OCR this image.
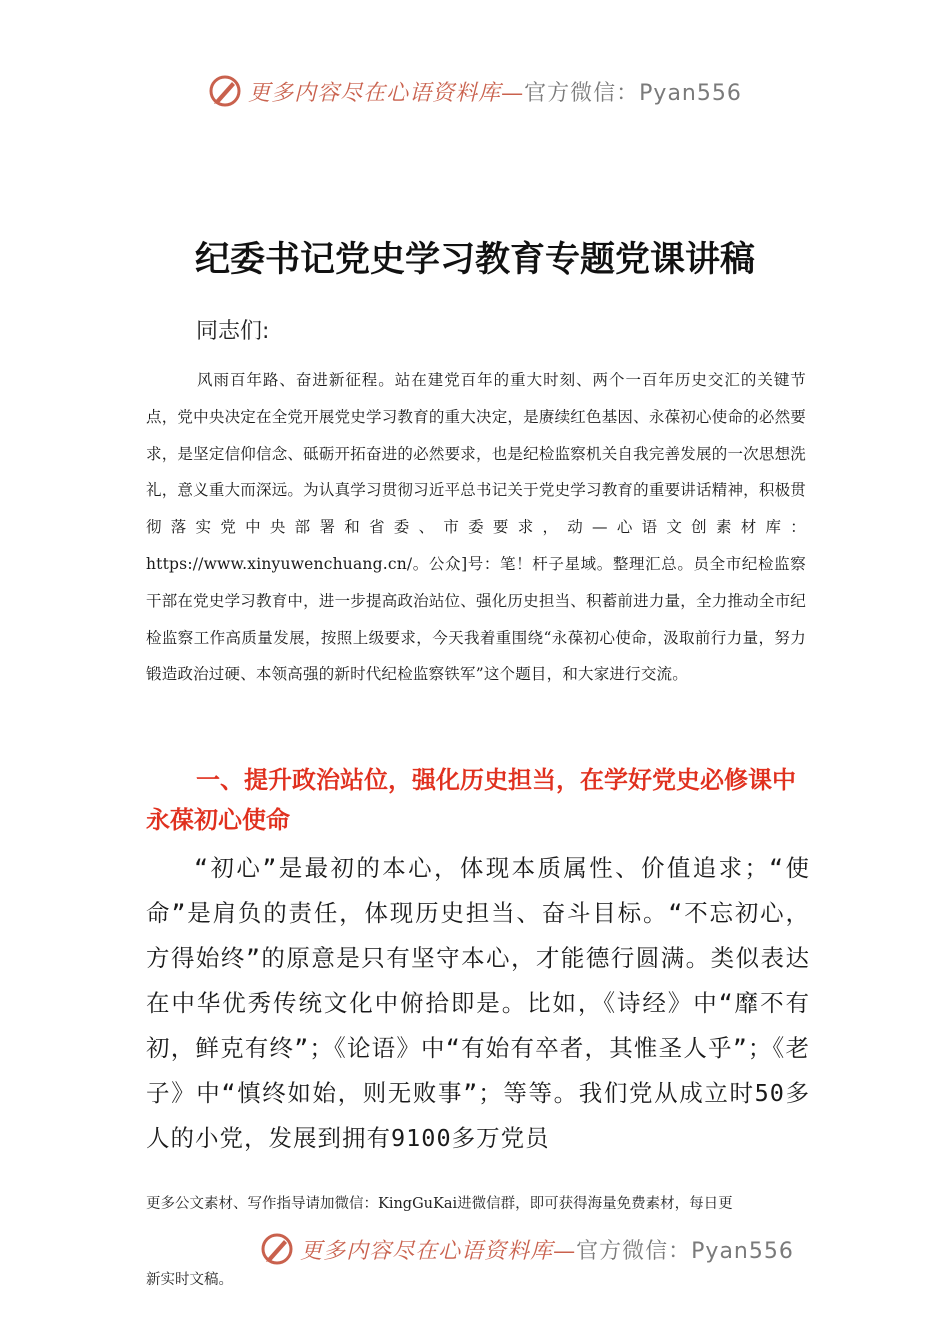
更多内容尽在心语资料库—官方微信：Pyan556
纪委书记党史学习教育专题党课讲稿
同志们:
风雨百年路、奋进新征程。站在建党百年的重大时刻、两个一百年历史交汇的关键节点，党中央决定在全党开展党史学习教育的重大决定，是赓续红色基因、永葆初心使命的必然要求，是坚定信仰信念、砥砺开拓奋进的必然要求，也是纪检监察机关自我完善发展的一次思想洗礼，意义重大而深远。为认真学习贯彻习近平总书记关于党史学习教育的重要讲话精神，积极贯彻落实党中央部署和省委、市委要求，动—心语文创素材库：https://www.xinyuwenchuang.cn/。公众]号：笔！杆子星域。整理汇总。员全市纪检监察干部在党史学习教育中，进一步提高政治站位、强化历史担当、积蓄前进力量，全力推动全市纪检监察工作高质量发展，按照上级要求，今天我着重围绕“永葆初心使命，汲取前行力量，努力锻造政治过硬、本领高强的新时代纪检监察铁军”这个题目，和大家进行交流。
一、提升政治站位，强化历史担当，在学好党史必修课中永葆初心使命
“初心”是最初的本心，体现本质属性、价值追求；“使命”是肩负的责任，体现历史担当、奋斗目标。“不忘初心，方得始终”的原意是只有坚守本心，才能德行圆满。类似表达在中华优秀传统文化中俯拾即是。比如，《诗经》中“靡不有初，鲜克有终”；《论语》中“有始有卒者，其惟圣人乎”；《老子》中“慎终如始，则无败事”；等等。我们党从成立时50多人的小党，发展到拥有9100多万党员
更多公文素材、写作指导请加微信：KingGuKai进微信群，即可获得海量免费素材，每日更
更多内容尽在心语资料库—官方微信：Pyan556
新实时文稿。
